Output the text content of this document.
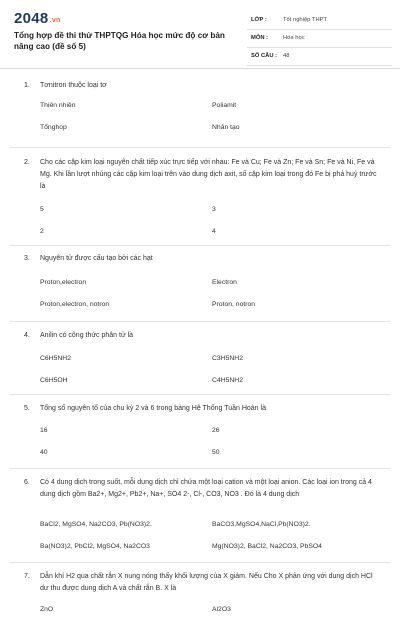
2048.vn
Tổng hợp đề thi thử THPTQG Hóa học mức độ cơ bản nâng cao (đề số 5)
LỚP :	Tốt nghiệp THPT
MÔN :	Hóa học
SỐ CÂU : 48
1. Tơnitron thuộc loại tơ
Thiên nhiên	Poliamit
Tổnghop	Nhân tạo
2. Cho các cặp kim loại nguyên chất tiếp xúc trực tiếp với nhau: Fe và Cu; Fe và Zn; Fe và Sn; Fe và Ni, Fe và Mg. Khi lần lượt nhúng các cặp kim loại trên vào dung dịch axit, số cặp kim loại trong đó Fe bị phá huỷ trước là
5	3
2	4
3. Nguyên tử được cấu tạo bởi các hạt
Proton,electron	Electron
Proton,electron, notron	Proton, notron
4. Anilin có công thức phân tử là
C6H5NH2	C3H5NH2
C6H5OH	C4H5NH2
5. Tổng số nguyên tố của chu kỳ 2 và 6 trong bảng Hệ Thống Tuần Hoàn là
16	26
40	50
6. Có 4 dung dịch trong suốt, mỗi dung dịch chỉ chứa một loại cation và một loại anion. Các loại ion trong cả 4 dung dịch gồm Ba2+, Mg2+, Pb2+, Na+, SO4 2-, Cl-, CO3, NO3 . Đó là 4 dung dịch
BaCl2, MgSO4, Na2CO3, Pb(NO3)2.	BaCO3,MgSO4,NaCl,Pb(NO3)2.
Ba(NO3)2, PbCl2, MgSO4, Na2CO3	Mg(NO3)2, BaCl2, Na2CO3, PbSO4
7. Dẫn khí H2 qua chất rắn X nung nóng thấy khối lượng của X giảm. Nếu Cho X phản ứng với dung dịch HCl dư thu được dung dịch A và chất rắn B. X là
ZnO	Al2O3
